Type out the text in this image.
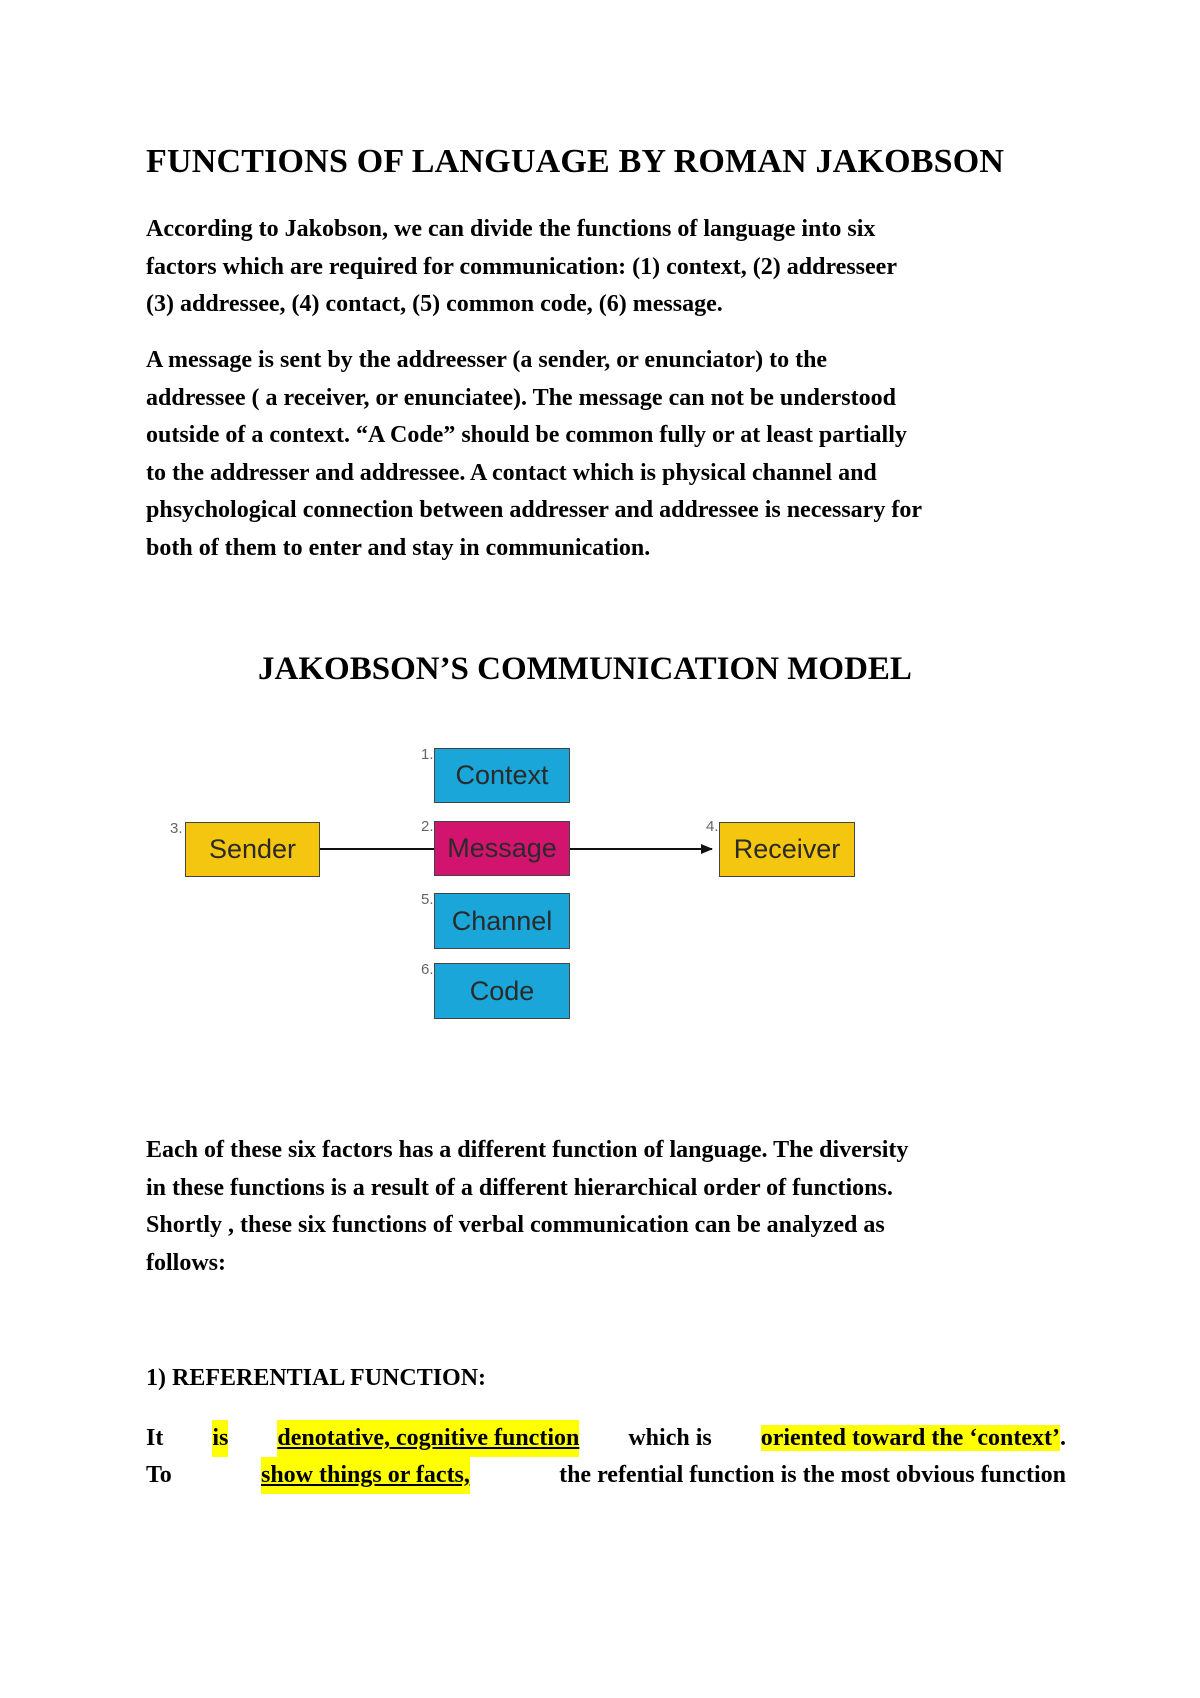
FUNCTIONS OF LANGUAGE BY ROMAN JAKOBSON
According to Jakobson, we can divide the functions of language into six
factors which are required for communication: (1) context, (2) addresseer
(3) addressee, (4) contact, (5) common code, (6) message.
A message is sent by the addreesser (a sender, or enunciator) to the
addressee ( a receiver, or enunciatee). The message can not be understood
outside of a context. “A Code” should be common fully or at least partially
to the addresser and addressee. A contact which is physical channel and
phsychological connection between addresser and addressee is necessary for
both of them to enter and stay in communication.
JAKOBSON’S COMMUNICATION MODEL
1.
Context
3.
Sender
2.
Message
4.
Receiver
5.
Channel
6.
Code
Each of these six factors has a different function of language. The diversity
in these functions is a result of a different hierarchical order of functions.
Shortly , these six functions of verbal communication can be analyzed as
follows:
1) REFERENTIAL FUNCTION:
It is denotative, cognitive function which is oriented toward the ‘context’.
To	show things or facts,	the refential function is the most obvious function
